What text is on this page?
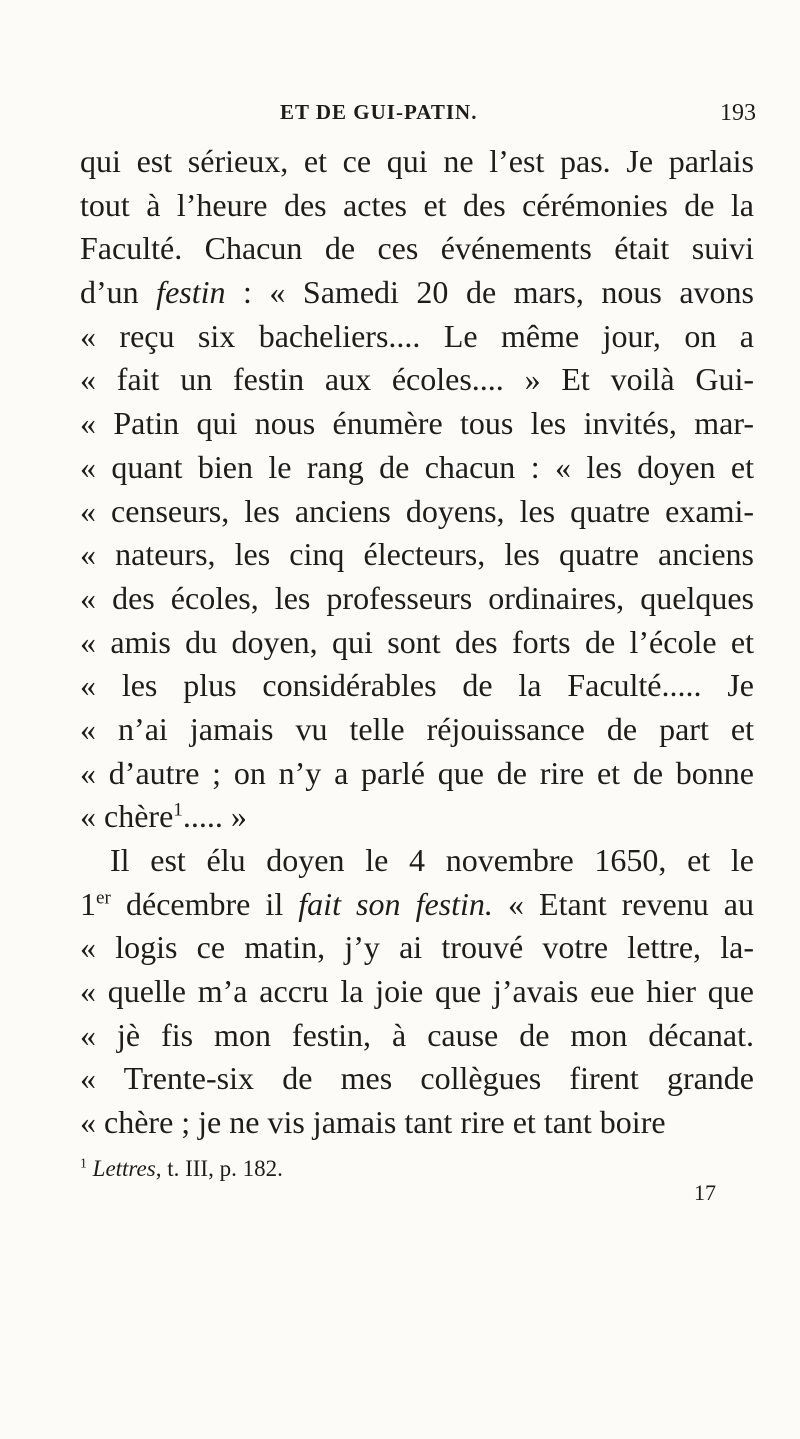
ET DE GUI-PATIN.	193
qui est sérieux, et ce qui ne l’est pas. Je parlais
tout à l’heure des actes et des cérémonies de la
Faculté. Chacun de ces événements était suivi
d’un festin : « Samedi 20 de mars, nous avons
« reçu six bacheliers.... Le même jour, on a
« fait un festin aux écoles.... » Et voilà Gui-
« Patin qui nous énumère tous les invités, mar-
« quant bien le rang de chacun : « les doyen et
« censeurs, les anciens doyens, les quatre exami-
« nateurs, les cinq électeurs, les quatre anciens
« des écoles, les professeurs ordinaires, quelques
« amis du doyen, qui sont des forts de l’école et
« les plus considérables de la Faculté..... Je
« n’ai jamais vu telle réjouissance de part et
« d’autre ; on n’y a parlé que de rire et de bonne
« chère$^1$..... »
Il est élu doyen le 4 novembre 1650, et le
1er décembre il fait son festin. « Etant revenu au
« logis ce matin, j’y ai trouvé votre lettre, la-
« quelle m’a accru la joie que j’avais eue hier que
« jè fis mon festin, à cause de mon décanat.
« Trente-six de mes collègues firent grande
« chère ; je ne vis jamais tant rire et tant boire
$^1$ Lettres, t. III, p. 182.
17
